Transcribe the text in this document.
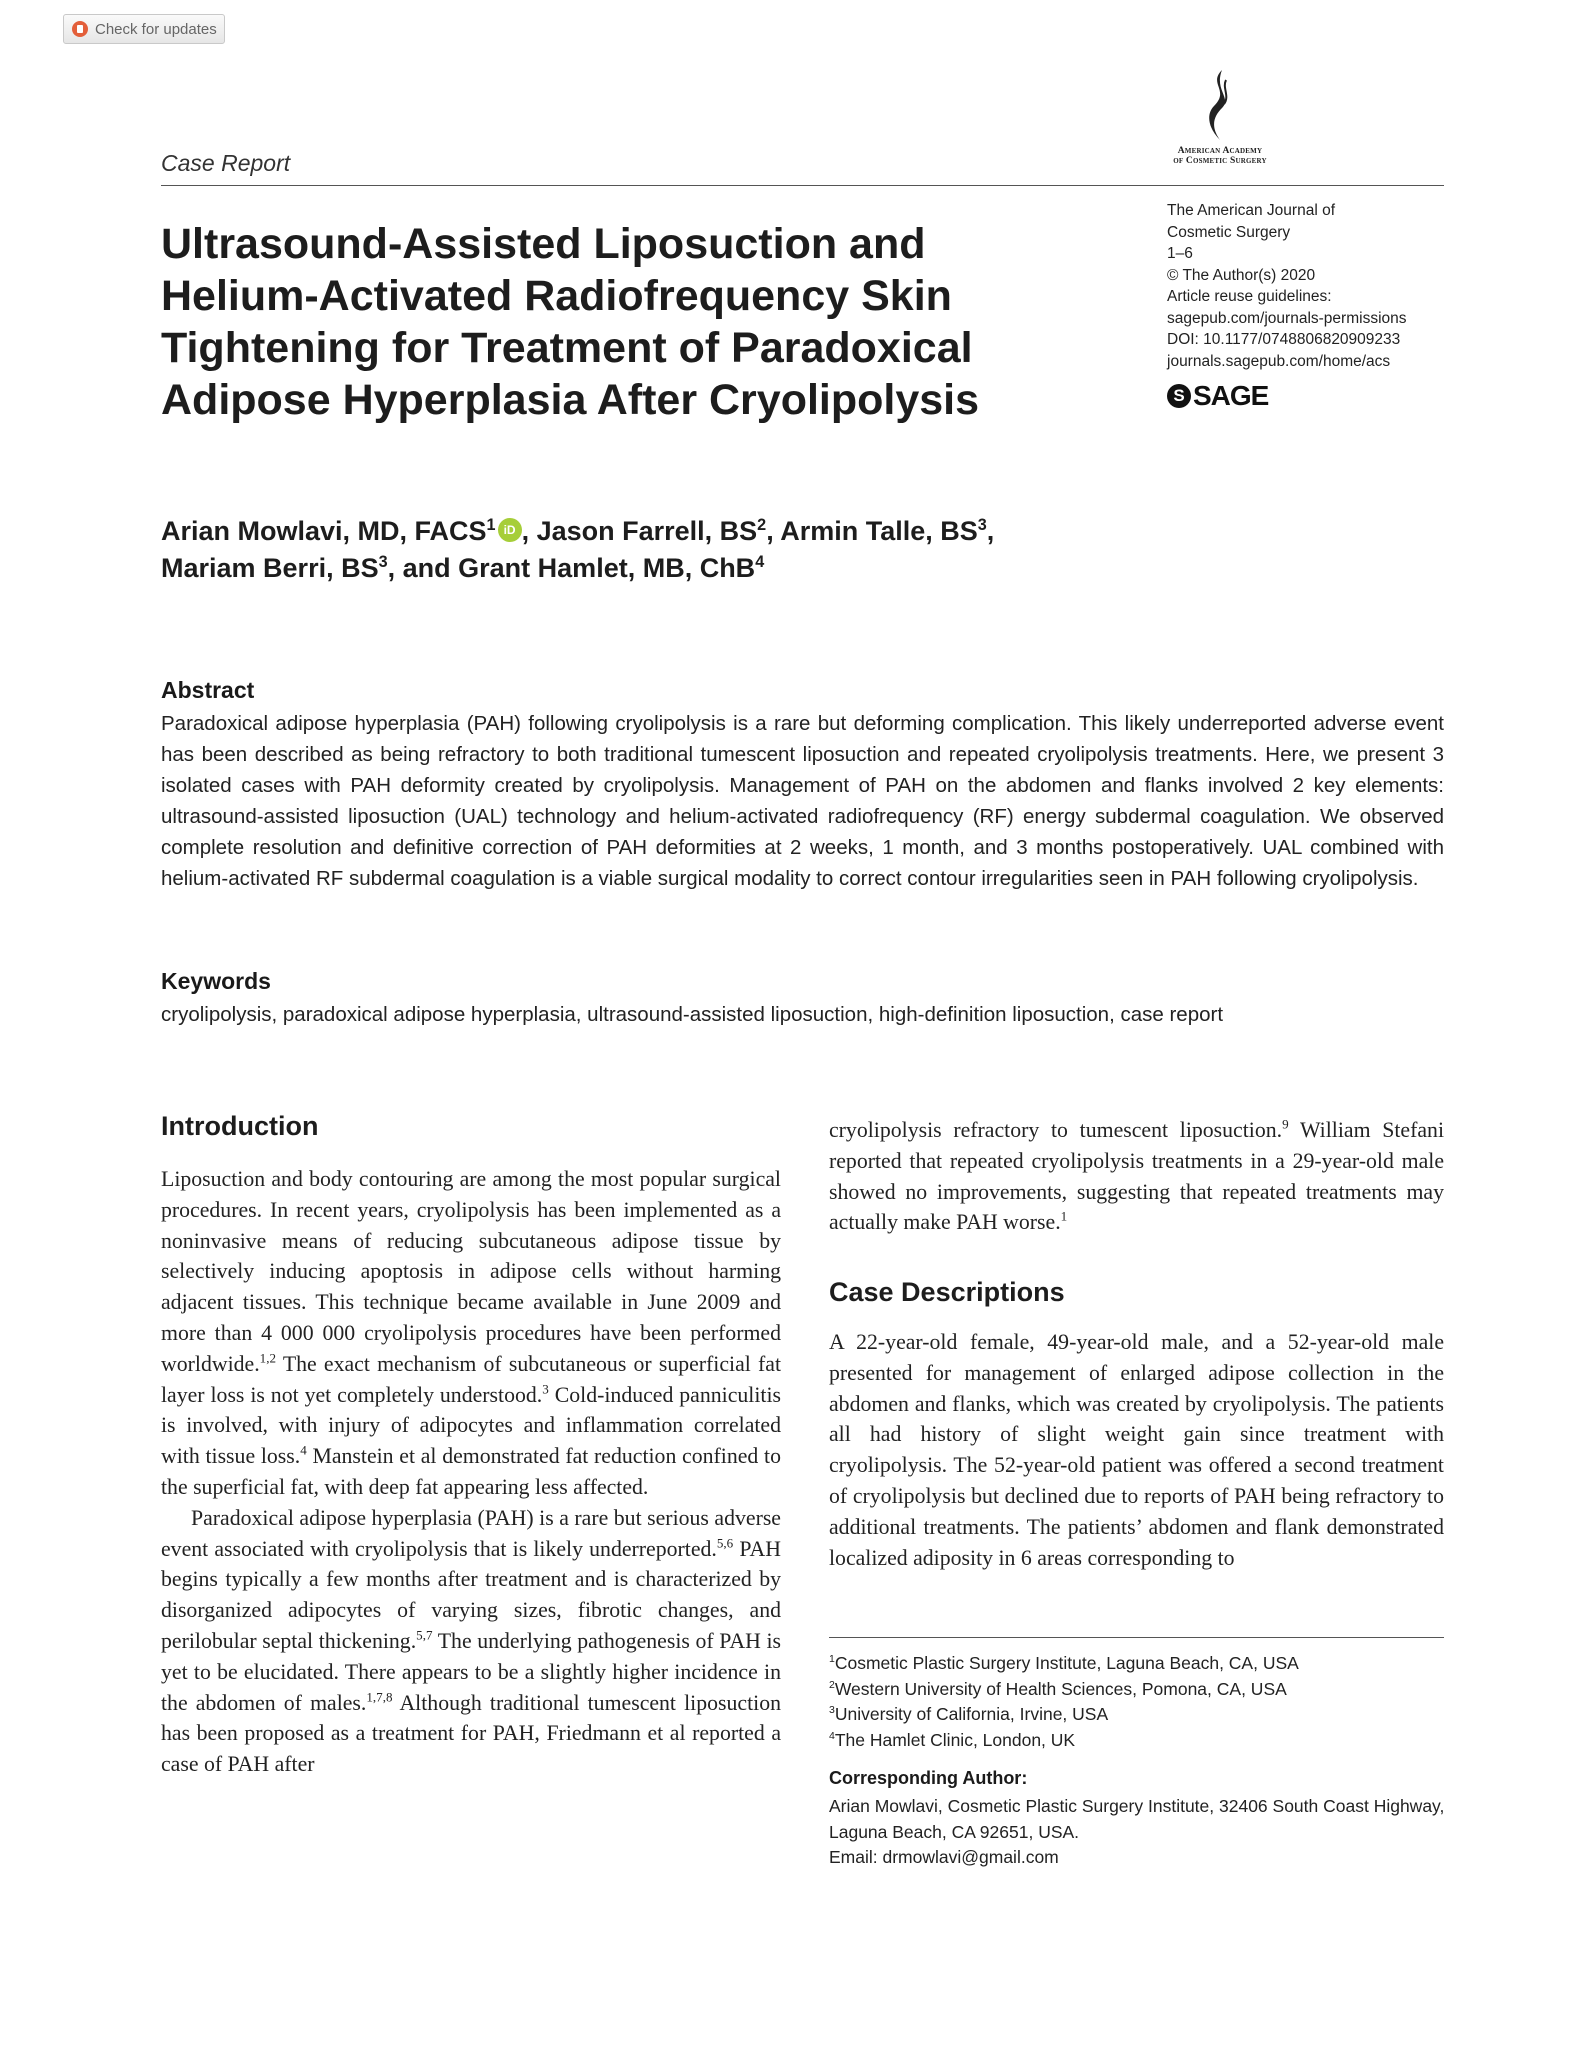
Check for updates
Case Report	American Academy
of Cosmetic Surgery
Ultrasound-Assisted Liposuction and Helium-Activated Radiofrequency Skin Tightening for Treatment of Paradoxical Adipose Hyperplasia After Cryolipolysis
The American Journal of
Cosmetic Surgery
1–6
© The Author(s) 2020
Article reuse guidelines:
sagepub.com/journals-permissions
DOI: 10.1177/0748806820909233
journals.sagepub.com/home/acs
S SAGE
Arian Mowlavi, MD, FACS$^1$ iD , Jason Farrell, $BS^2$, Armin Talle, $BS^3$,
Mariam Berri, $BS^3$, and Grant Hamlet, MB, ChB$^4$
Abstract
Paradoxical adipose hyperplasia (PAH) following cryolipolysis is a rare but deforming complication. This likely underreported adverse event has been described as being refractory to both traditional tumescent liposuction and repeated cryolipolysis treatments. Here, we present 3 isolated cases with PAH deformity created by cryolipolysis. Management of PAH on the abdomen and flanks involved 2 key elements: ultrasound-assisted liposuction (UAL) technology and helium-activated radiofrequency (RF) energy subdermal coagulation. We observed complete resolution and definitive correction of PAH deformities at 2 weeks, 1 month, and 3 months postoperatively. UAL combined with helium-activated RF subdermal coagulation is a viable surgical modality to correct contour irregularities seen in PAH following cryolipolysis.
Keywords
cryolipolysis, paradoxical adipose hyperplasia, ultrasound-assisted liposuction, high-definition liposuction, case report
Introduction

Liposuction and body contouring are among the most popular surgical procedures. In recent years, cryolipolysis has been implemented as a noninvasive means of reducing subcutaneous adipose tissue by selectively inducing apoptosis in adipose cells without harming adjacent tissues. This technique became available in June 2009 and more than 4 000 000 cryolipolysis procedures have been performed worldwide.$^{1,2}$ The exact mechanism of subcutaneous or superficial fat layer loss is not yet completely understood.$^3$ Cold-induced panniculitis is involved, with injury of adipocytes and inflammation correlated with tissue loss.$^4$ Manstein et al demonstrated fat reduction confined to the superficial fat, with deep fat appearing less affected.

Paradoxical adipose hyperplasia (PAH) is a rare but serious adverse event associated with cryolipolysis that is likely underreported.$^{5,6}$ PAH begins typically a few months after treatment and is characterized by disorganized adipocytes of varying sizes, fibrotic changes, and perilobular septal thickening.$^{5,7}$ The underlying pathogenesis of PAH is yet to be elucidated. There appears to be a slightly higher incidence in the abdomen of males.$^{1,7,8}$ Although traditional tumescent liposuction has been proposed as a treatment for PAH, Friedmann et al reported a case of PAH after

cryolipolysis refractory to tumescent liposuction.$^9$ William Stefani reported that repeated cryolipolysis treatments in a 29-year-old male showed no improvements, suggesting that repeated treatments may actually make PAH worse.$^1$

Case Descriptions

A 22-year-old female, 49-year-old male, and a 52-year-old male presented for management of enlarged adipose collection in the abdomen and flanks, which was created by cryolipolysis. The patients all had history of slight weight gain since treatment with cryolipolysis. The 52-year-old patient was offered a second treatment of cryolipolysis but declined due to reports of PAH being refractory to additional treatments. The patients’ abdomen and flank demonstrated localized adiposity in 6 areas corresponding to

$^1$Cosmetic Plastic Surgery Institute, Laguna Beach, CA, USA
$^2$Western University of Health Sciences, Pomona, CA, USA
$^3$University of California, Irvine, USA
$^4$The Hamlet Clinic, London, UK
Corresponding Author:
Arian Mowlavi, Cosmetic Plastic Surgery Institute, 32406 South Coast Highway, Laguna Beach, CA 92651, USA.
Email: drmowlavi@gmail.com
